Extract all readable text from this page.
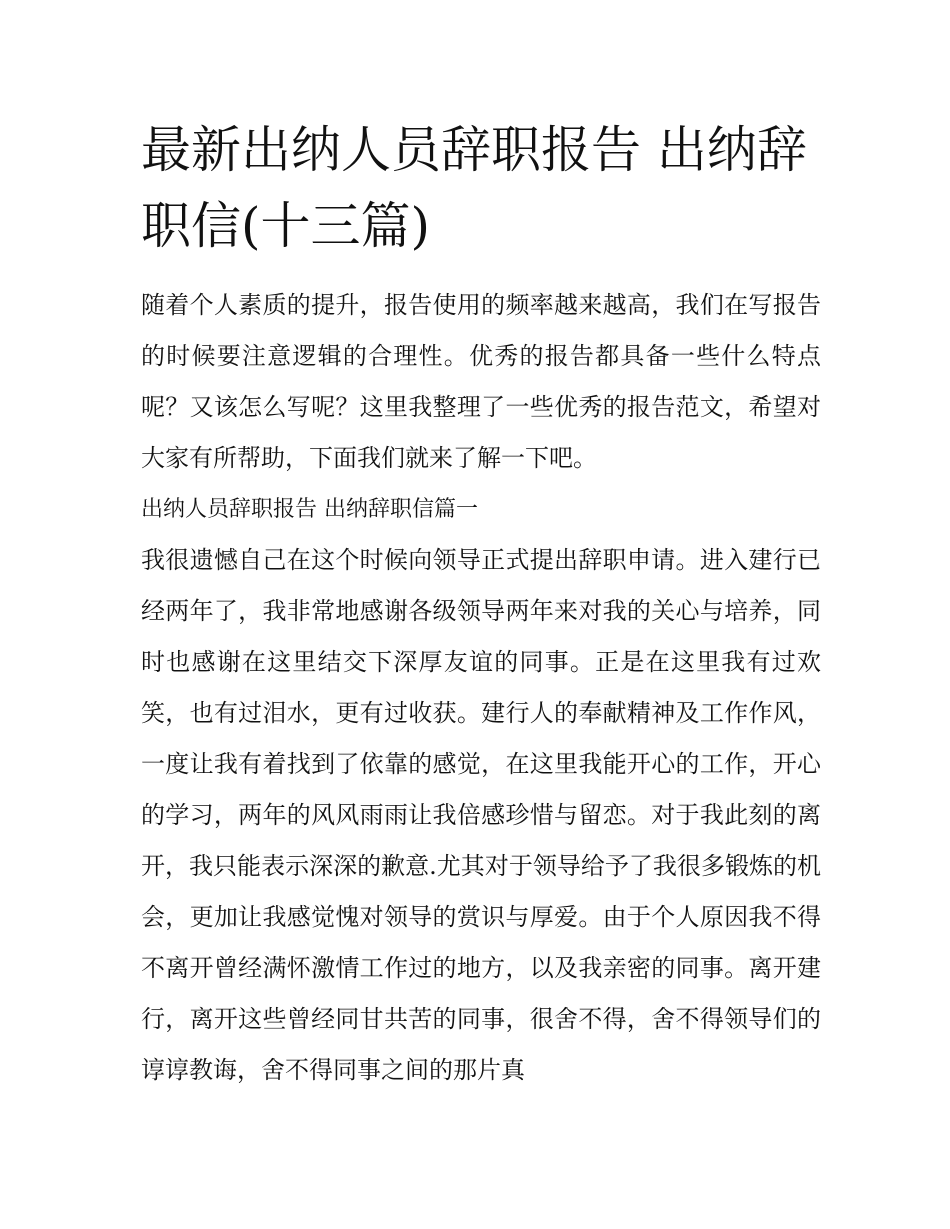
最新出纳人员辞职报告 出纳辞职信(十三篇)

随着个人素质的提升，报告使用的频率越来越高，我们在写报告的时候要注意逻辑的合理性。优秀的报告都具备一些什么特点呢？又该怎么写呢？这里我整理了一些优秀的报告范文，希望对大家有所帮助，下面我们就来了解一下吧。

出纳人员辞职报告 出纳辞职信篇一

我很遗憾自己在这个时候向领导正式提出辞职申请。进入建行已经两年了，我非常地感谢各级领导两年来对我的关心与培养，同时也感谢在这里结交下深厚友谊的同事。正是在这里我有过欢笑，也有过泪水，更有过收获。建行人的奉献精神及工作作风，一度让我有着找到了依靠的感觉，在这里我能开心的工作，开心的学习，两年的风风雨雨让我倍感珍惜与留恋。对于我此刻的离开，我只能表示深深的歉意.尤其对于领导给予了我很多锻炼的机会，更加让我感觉愧对领导的赏识与厚爱。由于个人原因我不得不离开曾经满怀激情工作过的地方，以及我亲密的同事。离开建行，离开这些曾经同甘共苦的同事，很舍不得，舍不得领导们的谆谆教诲，舍不得同事之间的那片真
